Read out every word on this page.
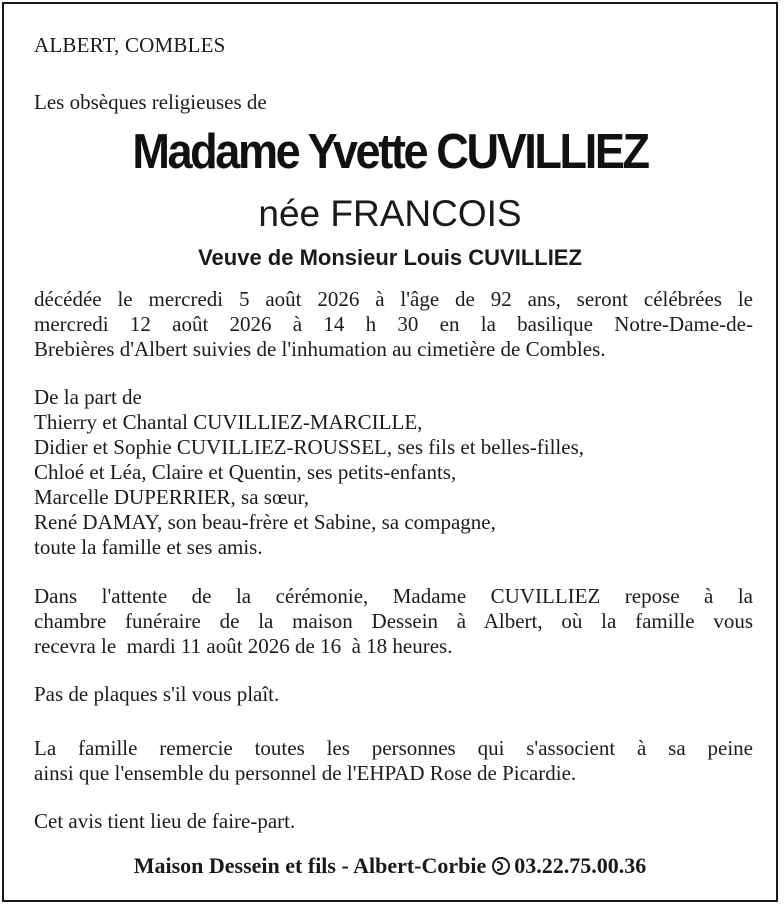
ALBERT, COMBLES
Les obsèques religieuses de
Madame Yvette CUVILLIEZ
née FRANCOIS
Veuve de Monsieur Louis CUVILLIEZ
décédée le mercredi 5 août 2026 à l'âge de 92 ans, seront célébrées le
mercredi 12 août 2026 à 14 h 30 en la basilique Notre-Dame-de-
Brebières d'Albert suivies de l'inhumation au cimetière de Combles.
De la part de
Thierry et Chantal CUVILLIEZ-MARCILLE,
Didier et Sophie CUVILLIEZ-ROUSSEL, ses fils et belles-filles,
Chloé et Léa, Claire et Quentin, ses petits-enfants,
Marcelle DUPERRIER, sa sœur,
René DAMAY, son beau-frère et Sabine, sa compagne,
toute la famille et ses amis.
Dans l'attente de la cérémonie, Madame CUVILLIEZ repose à la
chambre funéraire de la maison Dessein à Albert, où la famille vous
recevra le  mardi 11 août 2026 de 16  à 18 heures.
Pas de plaques s'il vous plaît.
La famille remercie toutes les personnes qui s'associent à sa peine
ainsi que l'ensemble du personnel de l'EHPAD Rose de Picardie.
Cet avis tient lieu de faire-part.
Maison Dessein et fils - Albert-Corbie 03.22.75.00.36
